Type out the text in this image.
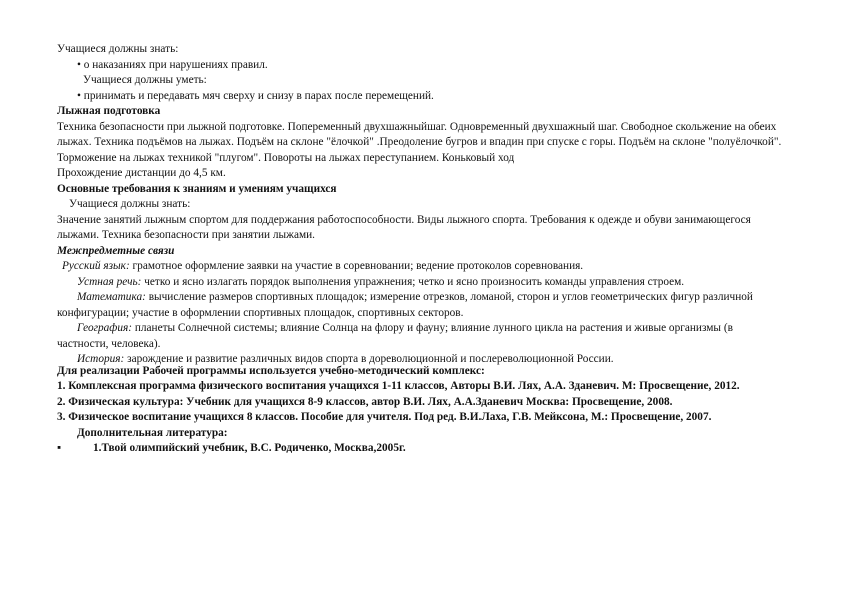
Учащиеся должны знать:
• о наказаниях при нарушениях правил.
Учащиеся должны уметь:
• принимать и передавать мяч сверху и снизу в парах после перемещений.
Лыжная подготовка
Техника безопасности при лыжной подготовке. Попеременный двухшажныйшаг. Одновременный двухшажный шаг. Свободное скольжение на обеих лыжах. Техника подъёмов на лыжах. Подъём на склоне "ёлочкой" .Преодоление бугров и впадин при спуске с горы. Подъём на склоне "полуёлочкой". Торможение на лыжах техникой "плугом". Повороты на лыжах переступанием. Коньковый ход
Прохождение дистанции до 4,5 км.
Основные требования к знаниям и умениям учащихся
Учащиеся должны знать:
Значение занятий лыжным спортом для поддержания работоспособности. Виды лыжного спорта. Требования к одежде и обуви занимающегося лыжами. Техника безопасности при занятии лыжами.
Межпредметные связи
Русский язык: грамотное оформление заявки на участие в соревновании; ведение протоколов соревнования.
Устная речь: четко и ясно излагать порядок выполнения упражнения; четко и ясно произносить команды управления строем.
Математика: вычисление размеров спортивных площадок; измерение отрезков, ломаной, сторон и углов геометрических фигур различной конфигурации; участие в оформлении спортивных площадок, спортивных секторов.
География: планеты Солнечной системы; влияние Солнца на флору и фауну; влияние лунного цикла на растения и живые организмы (в частности, человека).
История: зарождение и развитие различных видов спорта в дореволюционной и послереволюционной России.
Для реализации Рабочей программы используется учебно-методический комплекс:
1. Комплексная программа физического воспитания учащихся 1-11 классов, Авторы В.И. Лях, А.А. Зданевич. М: Просвещение, 2012.
2. Физическая культура: Учебник для учащихся 8-9 классов, автор В.И. Лях, А.А.Зданевич Москва: Просвещение, 2008.
3. Физическое воспитание учащихся 8 классов. Пособие для учителя. Под ред. В.И.Лаха, Г.В. Мейксона, М.: Просвещение, 2007.
Дополнительная литература:
▪	1.Твой олимпийский учебник, В.С. Родиченко, Москва,2005г.
